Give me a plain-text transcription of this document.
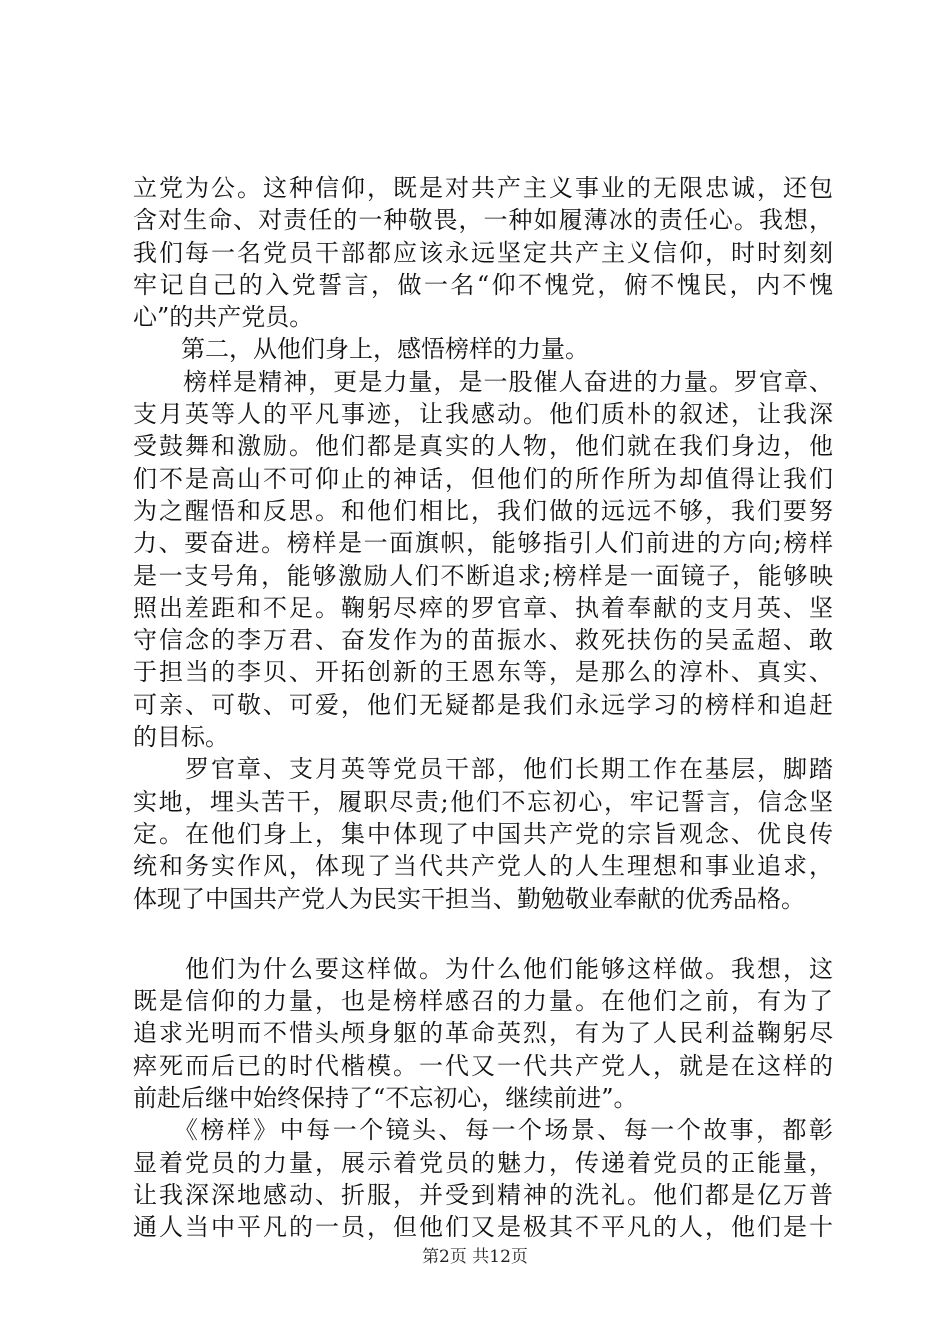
立党为公。这种信仰，既是对共产主义事业的无限忠诚，还包
含对生命、对责任的一种敬畏，一种如履薄冰的责任心。我想，
我们每一名党员干部都应该永远坚定共产主义信仰，时时刻刻
牢记自己的入党誓言，做一名“仰不愧党，俯不愧民，内不愧
心”的共产党员。
　　第二，从他们身上，感悟榜样的力量。
　　榜样是精神，更是力量，是一股催人奋进的力量。罗官章、
支月英等人的平凡事迹，让我感动。他们质朴的叙述，让我深
受鼓舞和激励。他们都是真实的人物，他们就在我们身边，他
们不是高山不可仰止的神话，但他们的所作所为却值得让我们
为之醒悟和反思。和他们相比，我们做的远远不够，我们要努
力、要奋进。榜样是一面旗帜，能够指引人们前进的方向;榜样
是一支号角，能够激励人们不断追求;榜样是一面镜子，能够映
照出差距和不足。鞠躬尽瘁的罗官章、执着奉献的支月英、坚
守信念的李万君、奋发作为的苗振水、救死扶伤的吴孟超、敢
于担当的李贝、开拓创新的王恩东等，是那么的淳朴、真实、
可亲、可敬、可爱，他们无疑都是我们永远学习的榜样和追赶
的目标。
　　罗官章、支月英等党员干部，他们长期工作在基层，脚踏
实地，埋头苦干，履职尽责;他们不忘初心，牢记誓言，信念坚
定。在他们身上，集中体现了中国共产党的宗旨观念、优良传
统和务实作风，体现了当代共产党人的人生理想和事业追求，
体现了中国共产党人为民实干担当、勤勉敬业奉献的优秀品格。
　　他们为什么要这样做。为什么他们能够这样做。我想，这
既是信仰的力量，也是榜样感召的力量。在他们之前，有为了
追求光明而不惜头颅身躯的革命英烈，有为了人民利益鞠躬尽
瘁死而后已的时代楷模。一代又一代共产党人，就是在这样的
前赴后继中始终保持了“不忘初心，继续前进”。
　　《榜样》中每一个镜头、每一个场景、每一个故事，都彰
显着党员的力量，展示着党员的魅力，传递着党员的正能量，
让我深深地感动、折服，并受到精神的洗礼。他们都是亿万普
通人当中平凡的一员，但他们又是极其不平凡的人，他们是十
第2页 共12页
